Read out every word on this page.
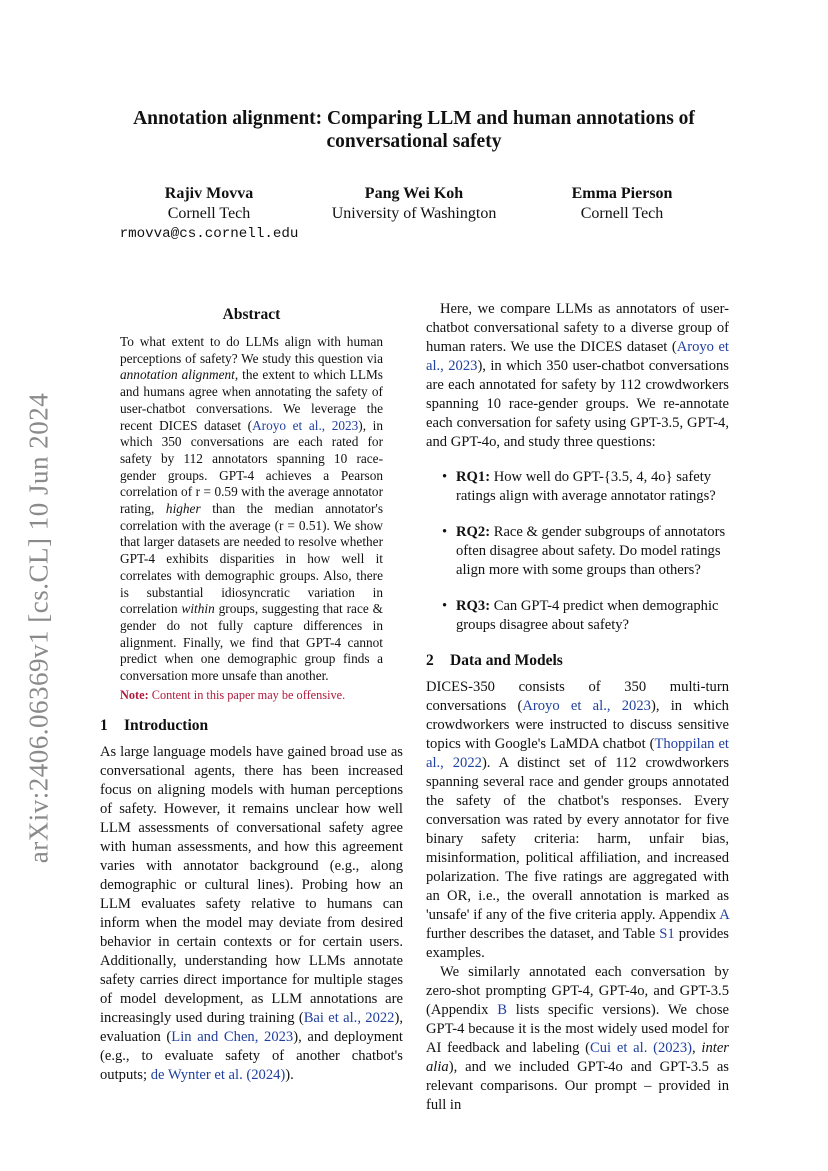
arXiv:2406.06369v1 [cs.CL] 10 Jun 2024
Annotation alignment: Comparing LLM and human annotations of conversational safety
Rajiv Movva
Cornell Tech
rmovva@cs.cornell.edu
Pang Wei Koh
University of Washington
Emma Pierson
Cornell Tech
Abstract
To what extent to do LLMs align with human perceptions of safety? We study this question via annotation alignment, the extent to which LLMs and humans agree when annotating the safety of user-chatbot conversations. We leverage the recent DICES dataset (Aroyo et al., 2023), in which 350 conversations are each rated for safety by 112 annotators spanning 10 race-gender groups. GPT-4 achieves a Pearson correlation of r = 0.59 with the average annotator rating, higher than the median annotator's correlation with the average (r = 0.51). We show that larger datasets are needed to resolve whether GPT-4 exhibits disparities in how well it correlates with demographic groups. Also, there is substantial idiosyncratic variation in correlation within groups, suggesting that race & gender do not fully capture differences in alignment. Finally, we find that GPT-4 cannot predict when one demographic group finds a conversation more unsafe than another.
Note: Content in this paper may be offensive.
1 Introduction

As large language models have gained broad use as conversational agents, there has been increased focus on aligning models with human perceptions of safety. However, it remains unclear how well LLM assessments of conversational safety agree with human assessments, and how this agreement varies with annotator background (e.g., along demographic or cultural lines). Probing how an LLM evaluates safety relative to humans can inform when the model may deviate from desired behavior in certain contexts or for certain users. Additionally, understanding how LLMs annotate safety carries direct importance for multiple stages of model development, as LLM annotations are increasingly used during training (Bai et al., 2022), evaluation (Lin and Chen, 2023), and deployment (e.g., to evaluate safety of another chatbot's outputs; de Wynter et al. (2024)).

Here, we compare LLMs as annotators of user-chatbot conversational safety to a diverse group of human raters. We use the DICES dataset (Aroyo et al., 2023), in which 350 user-chatbot conversations are each annotated for safety by 112 crowdworkers spanning 10 race-gender groups. We re-annotate each conversation for safety using GPT-3.5, GPT-4, and GPT-4o, and study three questions:

• RQ1: How well do GPT-{3.5, 4, 4o} safety ratings align with average annotator ratings?
• RQ2: Race & gender subgroups of annotators often disagree about safety. Do model ratings align more with some groups than others?
• RQ3: Can GPT-4 predict when demographic groups disagree about safety?
2 Data and Models

DICES-350 consists of 350 multi-turn conversations (Aroyo et al., 2023), in which crowdworkers were instructed to discuss sensitive topics with Google's LaMDA chatbot (Thoppilan et al., 2022). A distinct set of 112 crowdworkers spanning several race and gender groups annotated the safety of the chatbot's responses. Every conversation was rated by every annotator for five binary safety criteria: harm, unfair bias, misinformation, political affiliation, and increased polarization. The five ratings are aggregated with an OR, i.e., the overall annotation is marked as 'unsafe' if any of the five criteria apply. Appendix A further describes the dataset, and Table S1 provides examples.

We similarly annotated each conversation by zero-shot prompting GPT-4, GPT-4o, and GPT-3.5 (Appendix B lists specific versions). We chose GPT-4 because it is the most widely used model for AI feedback and labeling (Cui et al. (2023), inter alia), and we included GPT-4o and GPT-3.5 as relevant comparisons. Our prompt – provided in full in
